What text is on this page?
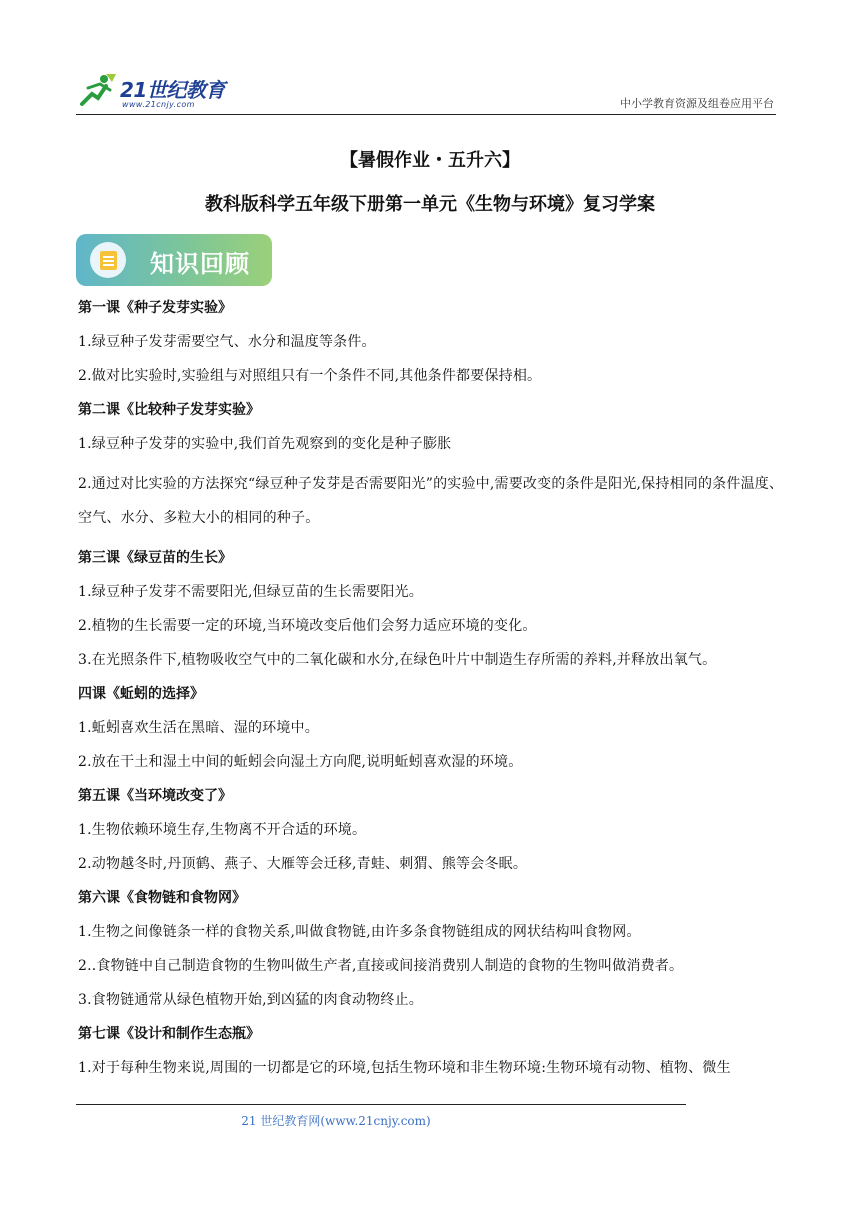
21世纪教育
www.21cnjy.com	中小学教育资源及组卷应用平台
【暑假作业・五升六】
教科版科学五年级下册第一单元《生物与环境》复习学案
知识回顾
第一课《种子发芽实验》
1.绿豆种子发芽需要空气、水分和温度等条件。
2.做对比实验时,实验组与对照组只有一个条件不同,其他条件都要保持相。
第二课《比较种子发芽实验》
1.绿豆种子发芽的实验中,我们首先观察到的变化是种子膨胀
2.通过对比实验的方法探究“绿豆种子发芽是否需要阳光”的实验中,需要改变的条件是阳光,保持相同的条件温度、空气、水分、多粒大小的相同的种子。
第三课《绿豆苗的生长》
1.绿豆种子发芽不需要阳光,但绿豆苗的生长需要阳光。
2.植物的生长需要一定的环境,当环境改变后他们会努力适应环境的变化。
3.在光照条件下,植物吸收空气中的二氧化碳和水分,在绿色叶片中制造生存所需的养料,并释放出氧气。
四课《蚯蚓的选择》
1.蚯蚓喜欢生活在黑暗、湿的环境中。
2.放在干土和湿土中间的蚯蚓会向湿土方向爬,说明蚯蚓喜欢湿的环境。
第五课《当环境改变了》
1.生物依赖环境生存,生物离不开合适的环境。
2.动物越冬时,丹顶鹤、燕子、大雁等会迁移,青蛙、刺猬、熊等会冬眠。
第六课《食物链和食物网》
1.生物之间像链条一样的食物关系,叫做食物链,由许多条食物链组成的网状结构叫食物网。
2..食物链中自己制造食物的生物叫做生产者,直接或间接消费别人制造的食物的生物叫做消费者。
3.食物链通常从绿色植物开始,到凶猛的肉食动物终止。
第七课《设计和制作生态瓶》
1.对于每种生物来说,周围的一切都是它的环境,包括生物环境和非生物环境:生物环境有动物、植物、微生
21 世纪教育网(www.21cnjy.com)
